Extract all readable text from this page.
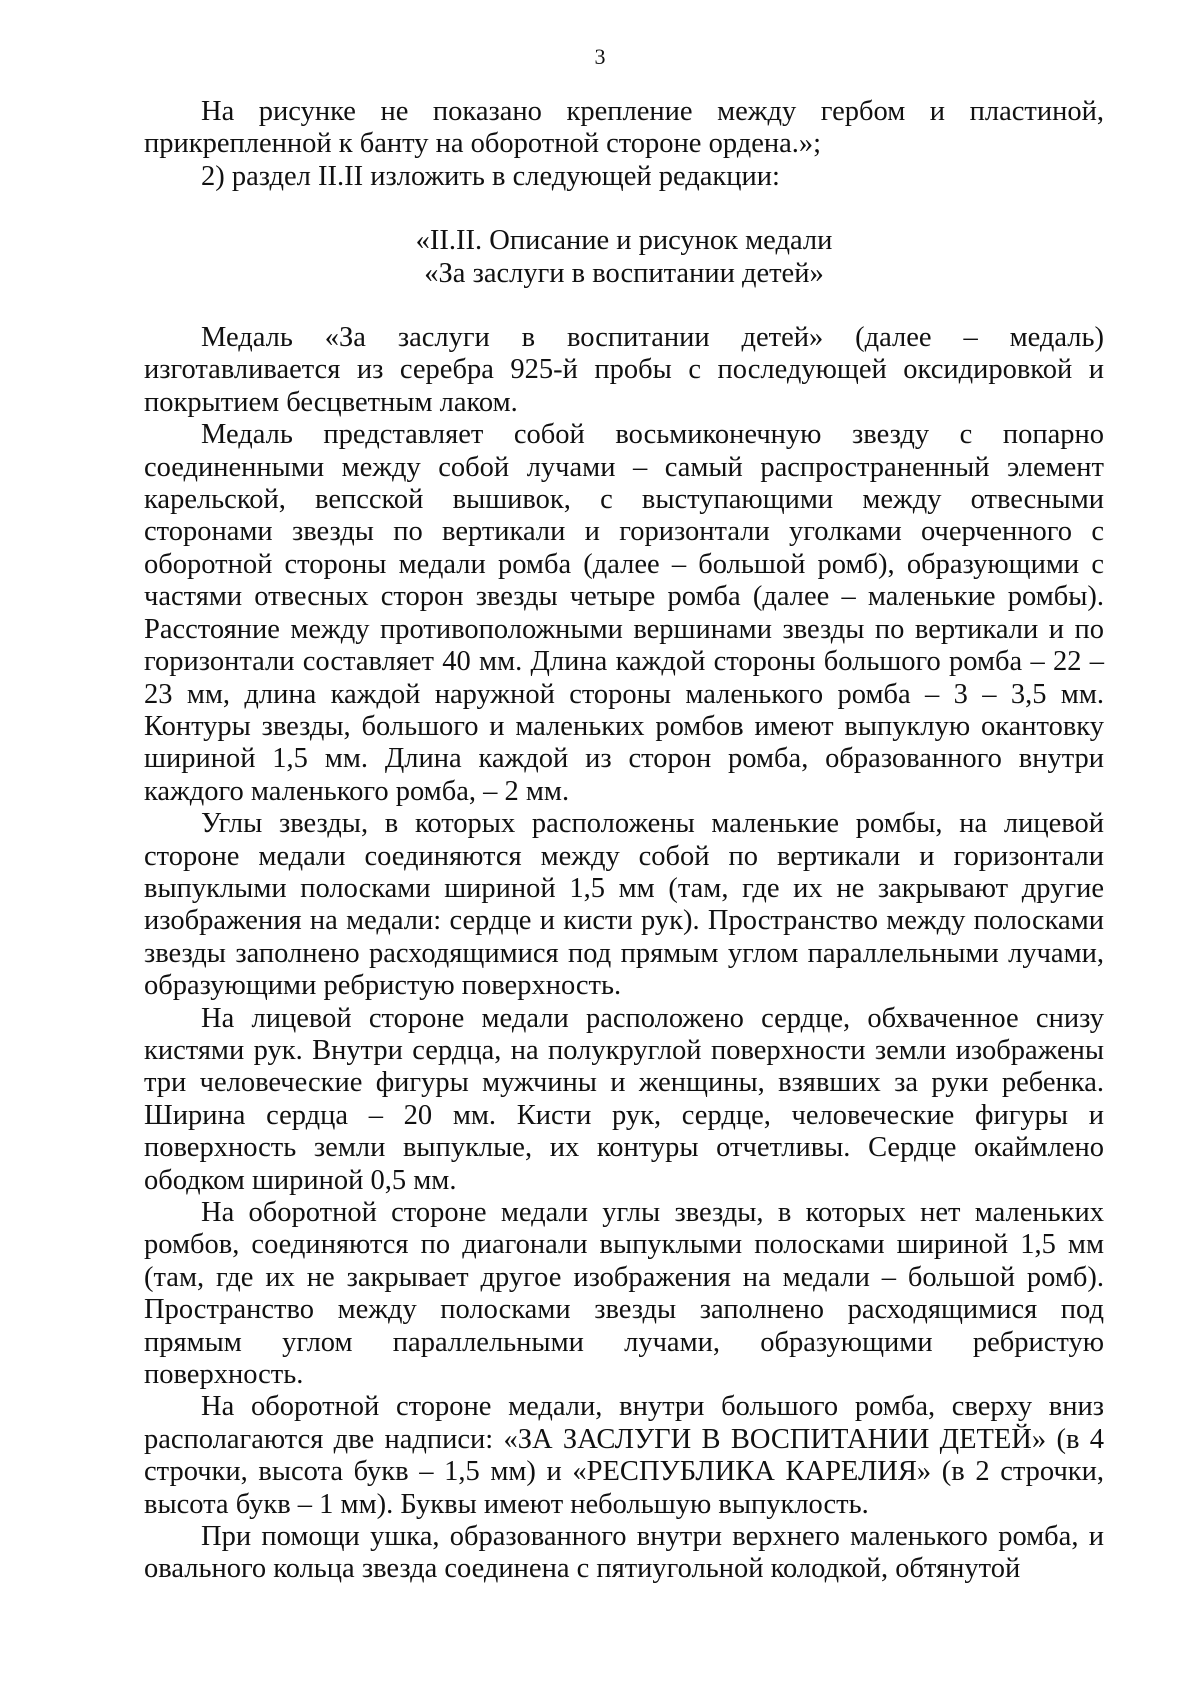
3

На рисунке не показано крепление между гербом и пластиной, прикрепленной к банту на оборотной стороне ордена.»;

2) раздел II.II изложить в следующей редакции:

«II.II. Описание и рисунок медали
«За заслуги в воспитании детей»

Медаль «За заслуги в воспитании детей» (далее – медаль) изготавливается из серебра 925-й пробы с последующей оксидировкой и покрытием бесцветным лаком.

Медаль представляет собой восьмиконечную звезду с попарно соединенными между собой лучами – самый распространенный элемент карельской, вепсской вышивок, с выступающими между отвесными сторонами звезды по вертикали и горизонтали уголками очерченного с оборотной стороны медали ромба (далее – большой ромб), образующими с частями отвесных сторон звезды четыре ромба (далее – маленькие ромбы). Расстояние между противоположными вершинами звезды по вертикали и по горизонтали составляет 40 мм. Длина каждой стороны большого ромба – 22 – 23 мм, длина каждой наружной стороны маленького ромба – 3 – 3,5 мм. Контуры звезды, большого и маленьких ромбов имеют выпуклую окантовку шириной 1,5 мм. Длина каждой из сторон ромба, образованного внутри каждого маленького ромба, – 2 мм.

Углы звезды, в которых расположены маленькие ромбы, на лицевой стороне медали соединяются между собой по вертикали и горизонтали выпуклыми полосками шириной 1,5 мм (там, где их не закрывают другие изображения на медали: сердце и кисти рук). Пространство между полосками звезды заполнено расходящимися под прямым углом параллельными лучами, образующими ребристую поверхность.

На лицевой стороне медали расположено сердце, обхваченное снизу кистями рук. Внутри сердца, на полукруглой поверхности земли изображены три человеческие фигуры мужчины и женщины, взявших за руки ребенка. Ширина сердца – 20 мм. Кисти рук, сердце, человеческие фигуры и поверхность земли выпуклые, их контуры отчетливы. Сердце окаймлено ободком шириной 0,5 мм.

На оборотной стороне медали углы звезды, в которых нет маленьких ромбов, соединяются по диагонали выпуклыми полосками шириной 1,5 мм (там, где их не закрывает другое изображения на медали – большой ромб). Пространство между полосками звезды заполнено расходящимися под прямым углом параллельными лучами, образующими ребристую поверхность.

На оборотной стороне медали, внутри большого ромба, сверху вниз располагаются две надписи: «ЗА ЗАСЛУГИ В ВОСПИТАНИИ ДЕТЕЙ» (в 4 строчки, высота букв – 1,5 мм) и «РЕСПУБЛИКА КАРЕЛИЯ» (в 2 строчки, высота букв – 1 мм). Буквы имеют небольшую выпуклость.

При помощи ушка, образованного внутри верхнего маленького ромба, и овального кольца звезда соединена с пятиугольной колодкой, обтянутой
